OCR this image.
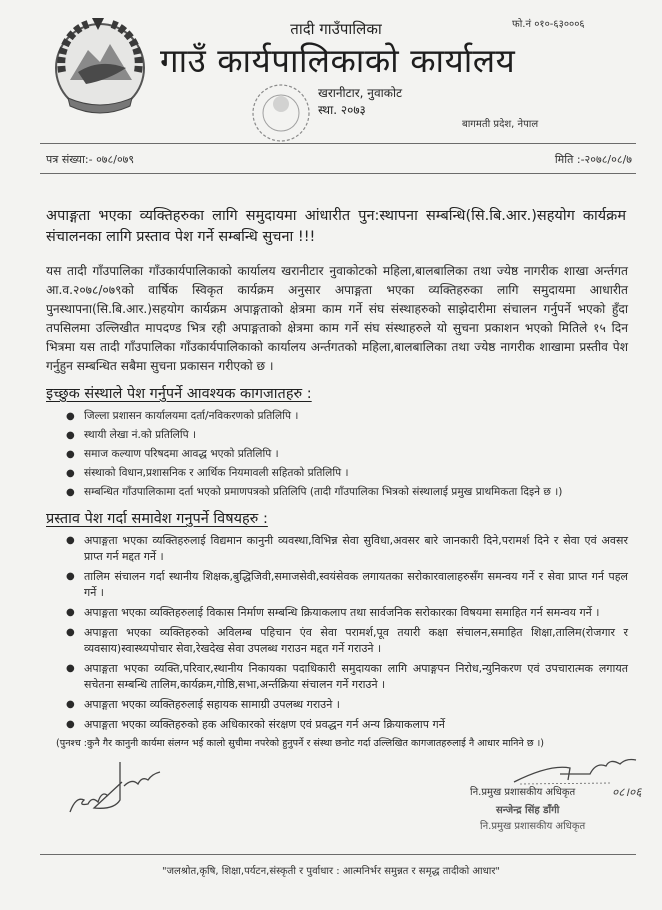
तादी गाउँपालिका
गाउँ कार्यपालिकाको कार्यालय
खरानीटार, नुवाकोट
स्था. २०७३
फो.नं ०१०-६३०००६
बागमती प्रदेश, नेपाल
पत्र संख्या:- ०७८/०७९	मिति :-२०७८/०८/७
अपाङ्गता भएका व्यक्तिहरुका लागि समुदायमा आंधारीत पुन:स्थापना सम्बन्धि(सि.बि.आर.)सहयोग कार्यक्रम संचालनका लागि प्रस्ताव पेश गर्ने सम्बन्धि सुचना !!!
यस तादी गाँउपालिका गाँउकार्यपालिकाको कार्यालय खरानीटार नुवाकोटको महिला,बालबालिका तथा ज्येष्ठ नागरीक शाखा अर्न्तगत आ.व.२०७८/०७९को वार्षिक स्विकृत कार्यक्रम अनुसार अपाङ्गता भएका व्यक्तिहरुका लागि समुदायमा आधारीत पुनस्थापना(सि.बि.आर.)सहयोग कार्यक्रम अपाङ्गताको क्षेत्रमा काम गर्ने संघ संस्थाहरुको साझेदारीमा संचालन गर्नुपर्ने भएको हुँदा तपसिलमा उल्लिखीत मापदण्ड भित्र रही अपाङ्गताको क्षेत्रमा काम गर्ने संघ संस्थाहरुले यो सुचना प्रकाशन भएको मितिले १५ दिन भित्रमा यस तादी गाँउपालिका गाँउकार्यपालिकाको कार्यालय अर्न्तगतको महिला,बालबालिका तथा ज्येष्ठ नागरीक शाखामा प्रस्तीव पेश गर्नुहुन सम्बन्धित सबैमा सुचना प्रकासन गरीएको छ ।
इच्छुक संस्थाले पेश गर्नुपर्ने आवश्यक कागजातहरु :
● जिल्ला प्रशासन कार्यालयमा दर्ता/नविकरणको प्रतिलिपि ।
● स्थायी लेखा नं.को प्रतिलिपि ।
● समाज कल्याण परिषदमा आवद्ध भएको प्रतिलिपि ।
● संस्थाको विधान,प्रशासनिक र आर्थिक नियमावली सहितको प्रतिलिपि ।
● सम्बन्धित गाँउपालिकामा दर्ता भएको प्रमाणपत्रको प्रतिलिपि (तादी गाँउपालिका भित्रको संस्थालाई प्रमुख प्राथमिकता दिइने छ ।)
प्रस्ताव पेश गर्दा समावेश गनुपर्ने विषयहरु :
● अपाङ्गता भएका व्यक्तिहरुलाई विद्यमान कानुनी व्यवस्था,विभिन्न सेवा सुविधा,अवसर बारे जानकारी दिने,परामर्श दिने र सेवा एवं अवसर प्राप्त गर्न मद्दत गर्ने ।
● तालिम संचालन गर्दा स्थानीय शिक्षक,बुद्धिजिवी,समाजसेवी,स्वयंसेवक लगायतका सरोकारवालाहरुसँग समन्वय गर्ने र सेवा प्राप्त गर्न पहल गर्ने ।
● अपाङ्गता भएका व्यक्तिहरुलाई विकास निर्माण सम्बन्धि क्रियाकलाप तथा सार्वजनिक सरोकारका विषयमा समाहित गर्न समन्वय गर्ने ।
● अपाङ्गता भएका व्यक्तिहरुको अविलम्ब पहिचान एंव सेवा परामर्श,पूव तयारी कक्षा संचालन,समाहित शिक्षा,तालिम(रोजगार र व्यवसाय)स्वास्थ्यपोचार सेवा,रेखदेख सेवा उपलब्ध गराउन मद्दत गर्ने गराउने ।
● अपाङ्गता भएका व्यक्ति,परिवार,स्थानीय निकायका पदाधिकारी समुदायका लागि अपाङ्गपन निरोध,न्युनिकरण एवं उपचारात्मक लगायत सचेतना सम्बन्धि तालिम,कार्यक्रम,गोष्ठि,सभा,अर्न्तक्रिया संचालन गर्ने गराउने ।
● अपाङ्गता भएका व्यक्तिहरुलाई सहायक सामाग्री उपलब्ध गराउने ।
● अपाङ्गता भएका व्यक्तिहरुको हक अधिकारको संरक्षण एवं प्रवद्धन गर्न अन्य क्रियाकलाप गर्ने
(पुनश्च :कुनै गैर कानुनी कार्यमा संलग्न भई कालो सुचीमा नपरेको हुनुपर्ने र संस्था छनोट गर्दा उल्लिखित कागजातहरुलाई नै आधार मानिने छ ।)
नि.प्रमुख प्रशासकीय अधिकृत	०८।०६
सन्जेन्द्र सिंह डाँगी
नि.प्रमुख प्रशासकीय अधिकृत
"जलश्रोत,कृषि, शिक्षा,पर्यटन,संस्कृती र पुर्वाधार : आत्मनिर्भर समुन्नत र समृद्ध तादीको आधार"
